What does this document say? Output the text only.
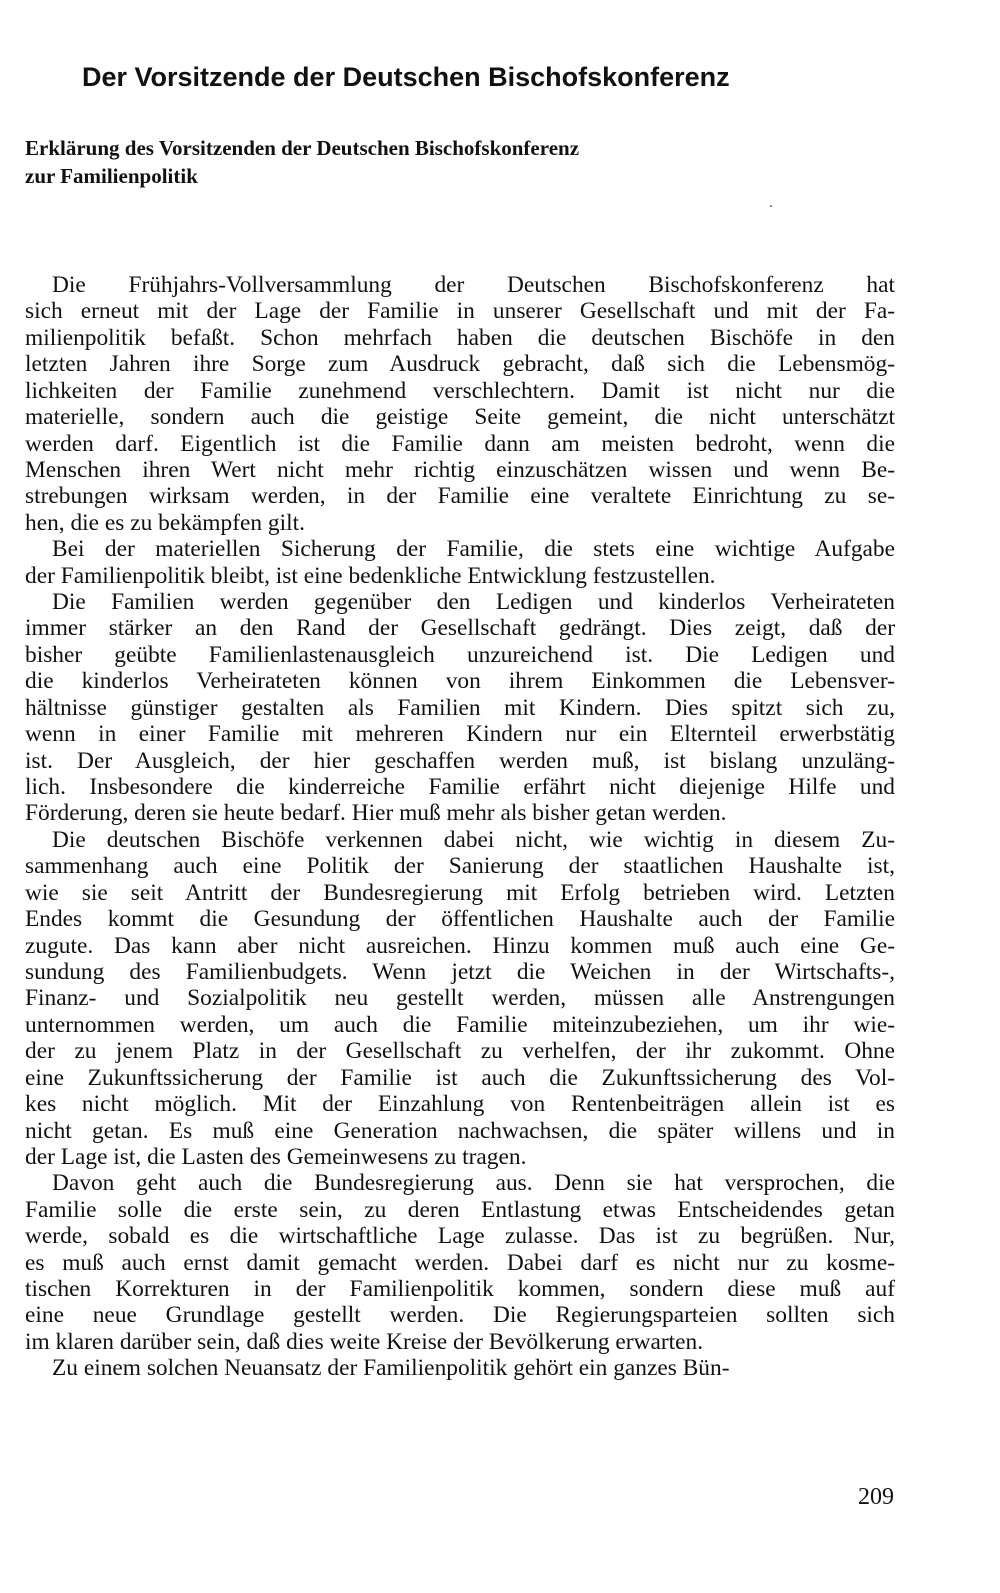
Der Vorsitzende der Deutschen Bischofskonferenz
Erklärung des Vorsitzenden der Deutschen Bischofskonferenz
zur Familienpolitik
Die Frühjahrs-Vollversammlung der Deutschen Bischofskonferenz hat
sich erneut mit der Lage der Familie in unserer Gesellschaft und mit der Fa-
milienpolitik befaßt. Schon mehrfach haben die deutschen Bischöfe in den
letzten Jahren ihre Sorge zum Ausdruck gebracht, daß sich die Lebensmög-
lichkeiten der Familie zunehmend verschlechtern. Damit ist nicht nur die
materielle, sondern auch die geistige Seite gemeint, die nicht unterschätzt
werden darf. Eigentlich ist die Familie dann am meisten bedroht, wenn die
Menschen ihren Wert nicht mehr richtig einzuschätzen wissen und wenn Be-
strebungen wirksam werden, in der Familie eine veraltete Einrichtung zu se-
hen, die es zu bekämpfen gilt.
Bei der materiellen Sicherung der Familie, die stets eine wichtige Aufgabe
der Familienpolitik bleibt, ist eine bedenkliche Entwicklung festzustellen.
Die Familien werden gegenüber den Ledigen und kinderlos Verheirateten
immer stärker an den Rand der Gesellschaft gedrängt. Dies zeigt, daß der
bisher geübte Familienlastenausgleich unzureichend ist. Die Ledigen und
die kinderlos Verheirateten können von ihrem Einkommen die Lebensver-
hältnisse günstiger gestalten als Familien mit Kindern. Dies spitzt sich zu,
wenn in einer Familie mit mehreren Kindern nur ein Elternteil erwerbstätig
ist. Der Ausgleich, der hier geschaffen werden muß, ist bislang unzuläng-
lich. Insbesondere die kinderreiche Familie erfährt nicht diejenige Hilfe und
Förderung, deren sie heute bedarf. Hier muß mehr als bisher getan werden.
Die deutschen Bischöfe verkennen dabei nicht, wie wichtig in diesem Zu-
sammenhang auch eine Politik der Sanierung der staatlichen Haushalte ist,
wie sie seit Antritt der Bundesregierung mit Erfolg betrieben wird. Letzten
Endes kommt die Gesundung der öffentlichen Haushalte auch der Familie
zugute. Das kann aber nicht ausreichen. Hinzu kommen muß auch eine Ge-
sundung des Familienbudgets. Wenn jetzt die Weichen in der Wirtschafts-,
Finanz- und Sozialpolitik neu gestellt werden, müssen alle Anstrengungen
unternommen werden, um auch die Familie miteinzubeziehen, um ihr wie-
der zu jenem Platz in der Gesellschaft zu verhelfen, der ihr zukommt. Ohne
eine Zukunftssicherung der Familie ist auch die Zukunftssicherung des Vol-
kes nicht möglich. Mit der Einzahlung von Rentenbeiträgen allein ist es
nicht getan. Es muß eine Generation nachwachsen, die später willens und in
der Lage ist, die Lasten des Gemeinwesens zu tragen.
Davon geht auch die Bundesregierung aus. Denn sie hat versprochen, die
Familie solle die erste sein, zu deren Entlastung etwas Entscheidendes getan
werde, sobald es die wirtschaftliche Lage zulasse. Das ist zu begrüßen. Nur,
es muß auch ernst damit gemacht werden. Dabei darf es nicht nur zu kosme-
tischen Korrekturen in der Familienpolitik kommen, sondern diese muß auf
eine neue Grundlage gestellt werden. Die Regierungsparteien sollten sich
im klaren darüber sein, daß dies weite Kreise der Bevölkerung erwarten.
Zu einem solchen Neuansatz der Familienpolitik gehört ein ganzes Bün-
209
